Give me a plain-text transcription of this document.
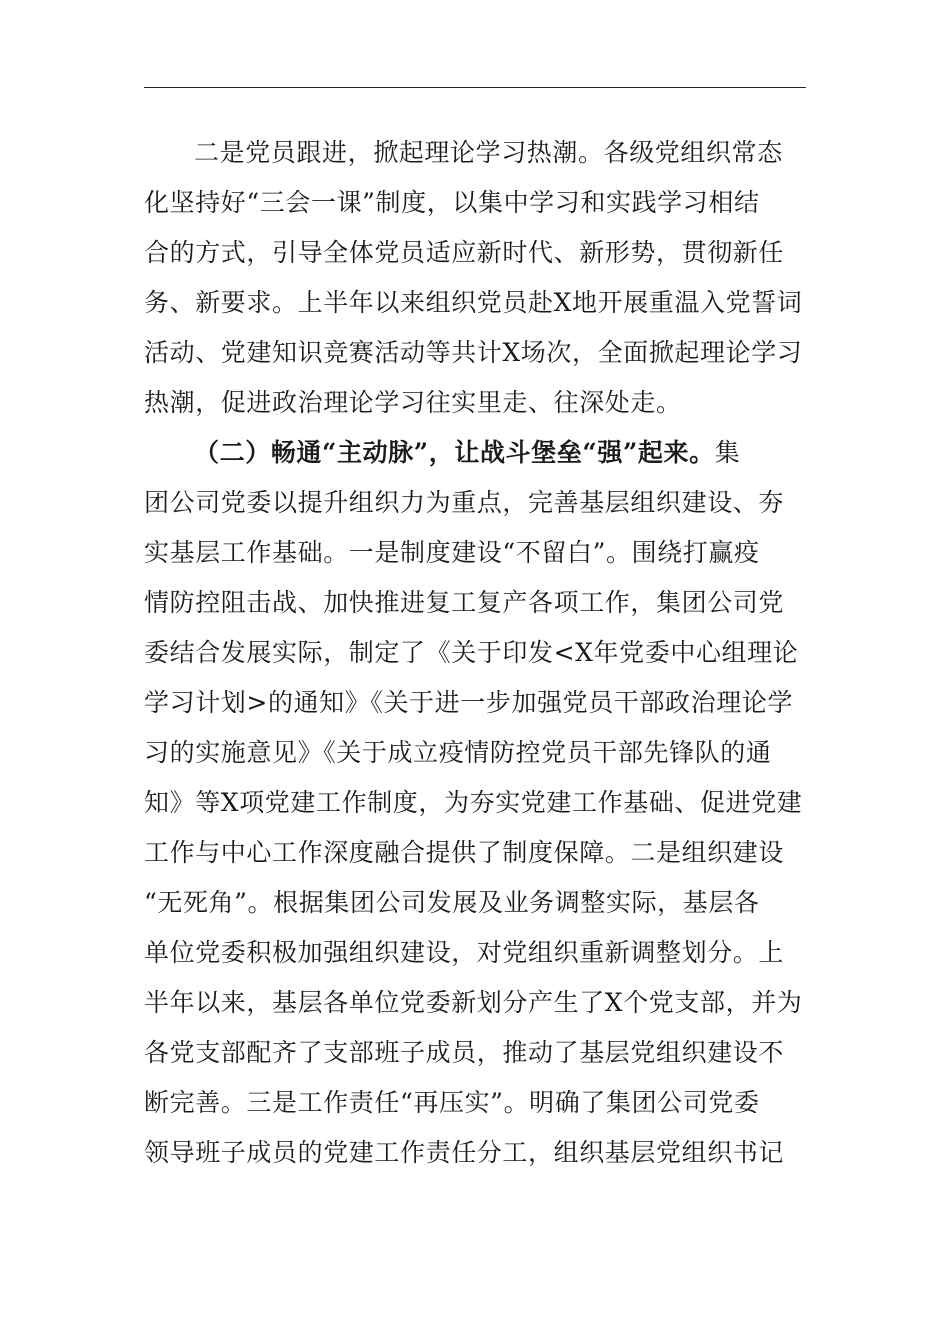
二是党员跟进，掀起理论学习热潮。各级党组织常态
化坚持好“三会一课”制度，以集中学习和实践学习相结
合的方式，引导全体党员适应新时代、新形势，贯彻新任
务、新要求。上半年以来组织党员赴X地开展重温入党誓词
活动、党建知识竞赛活动等共计X场次，全面掀起理论学习
热潮，促进政治理论学习往实里走、往深处走。
（二）畅通“主动脉”，让战斗堡垒“强”起来。集
团公司党委以提升组织力为重点，完善基层组织建设、夯
实基层工作基础。一是制度建设“不留白”。围绕打赢疫
情防控阻击战、加快推进复工复产各项工作，集团公司党
委结合发展实际，制定了《关于印发<X年党委中心组理论
学习计划>的通知》《关于进一步加强党员干部政治理论学
习的实施意见》《关于成立疫情防控党员干部先锋队的通
知》等X项党建工作制度，为夯实党建工作基础、促进党建
工作与中心工作深度融合提供了制度保障。二是组织建设
“无死角”。根据集团公司发展及业务调整实际，基层各
单位党委积极加强组织建设，对党组织重新调整划分。上
半年以来，基层各单位党委新划分产生了X个党支部，并为
各党支部配齐了支部班子成员，推动了基层党组织建设不
断完善。三是工作责任“再压实”。明确了集团公司党委
领导班子成员的党建工作责任分工，组织基层党组织书记
